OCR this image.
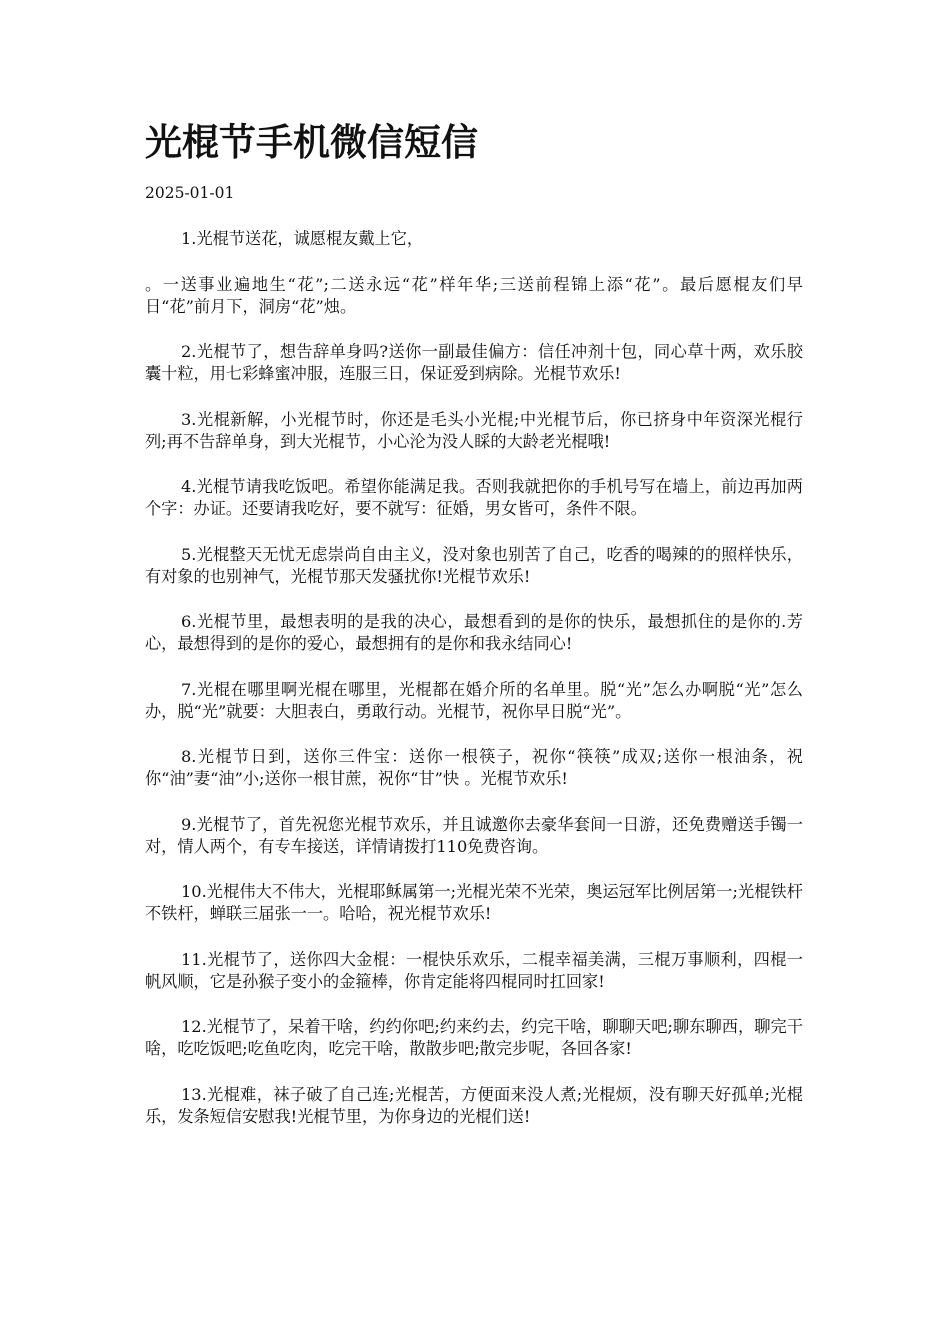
光棍节手机微信短信
2025-01-01

1.光棍节送花，诚愿棍友戴上它，

。一送事业遍地生“花”;二送永远“花”样年华;三送前程锦上添“花”。最后愿棍友们早日“花”前月下，洞房“花”烛。

2.光棍节了，想告辞单身吗?送你一副最佳偏方：信任冲剂十包，同心草十两，欢乐胶囊十粒，用七彩蜂蜜冲服，连服三日，保证爱到病除。光棍节欢乐!

3.光棍新解，小光棍节时，你还是毛头小光棍;中光棍节后，你已挤身中年资深光棍行列;再不告辞单身，到大光棍节，小心沦为没人睬的大龄老光棍哦!

4.光棍节请我吃饭吧。希望你能满足我。否则我就把你的手机号写在墙上，前边再加两个字：办证。还要请我吃好，要不就写：征婚，男女皆可，条件不限。

5.光棍整天无忧无虑崇尚自由主义，没对象也别苦了自己，吃香的喝辣的的照样快乐，有对象的也别神气，光棍节那天发骚扰你!光棍节欢乐!

6.光棍节里，最想表明的是我的决心，最想看到的是你的快乐，最想抓住的是你的.芳心，最想得到的是你的爱心，最想拥有的是你和我永结同心!

7.光棍在哪里啊光棍在哪里，光棍都在婚介所的名单里。脱“光”怎么办啊脱“光”怎么办，脱“光”就要：大胆表白，勇敢行动。光棍节，祝你早日脱“光”。

8.光棍节日到，送你三件宝：送你一根筷子，祝你“筷筷”成双;送你一根油条，祝你“油”妻“油”小;送你一根甘蔗，祝你“甘”快 。光棍节欢乐!

9.光棍节了，首先祝您光棍节欢乐，并且诚邀你去豪华套间一日游，还免费赠送手镯一对，情人两个，有专车接送，详情请拨打110免费咨询。

10.光棍伟大不伟大，光棍耶稣属第一;光棍光荣不光荣，奥运冠军比例居第一;光棍铁杆不铁杆，蝉联三届张一一。哈哈，祝光棍节欢乐!

11.光棍节了，送你四大金棍：一棍快乐欢乐，二棍幸福美满，三棍万事顺利，四棍一帆风顺，它是孙猴子变小的金箍棒，你肯定能将四棍同时扛回家!

12.光棍节了，呆着干啥，约约你吧;约来约去，约完干啥，聊聊天吧;聊东聊西，聊完干啥，吃吃饭吧;吃鱼吃肉，吃完干啥，散散步吧;散完步呢，各回各家!

13.光棍难，袜子破了自己连;光棍苦，方便面来没人煮;光棍烦，没有聊天好孤单;光棍乐，发条短信安慰我!光棍节里，为你身边的光棍们送!
